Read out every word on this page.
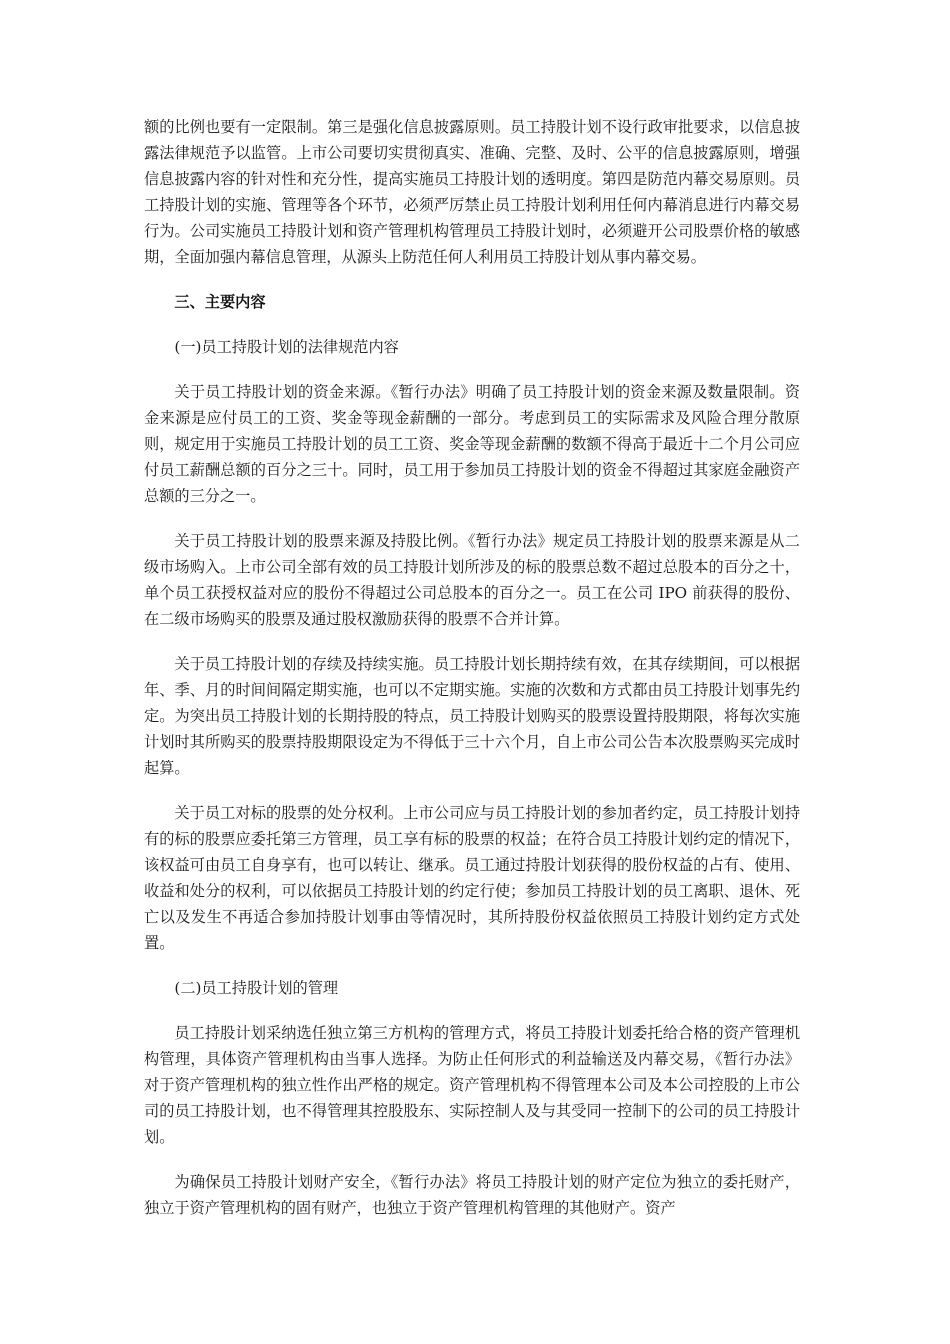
额的比例也要有一定限制。第三是强化信息披露原则。员工持股计划不设行政审批要求，以信息披露法律规范予以监管。上市公司要切实贯彻真实、准确、完整、及时、公平的信息披露原则，增强信息披露内容的针对性和充分性，提高实施员工持股计划的透明度。第四是防范内幕交易原则。员工持股计划的实施、管理等各个环节，必须严厉禁止员工持股计划利用任何内幕消息进行内幕交易行为。公司实施员工持股计划和资产管理机构管理员工持股计划时，必须避开公司股票价格的敏感期，全面加强内幕信息管理，从源头上防范任何人利用员工持股计划从事内幕交易。

三、主要内容

(一)员工持股计划的法律规范内容

关于员工持股计划的资金来源。《暂行办法》明确了员工持股计划的资金来源及数量限制。资金来源是应付员工的工资、奖金等现金薪酬的一部分。考虑到员工的实际需求及风险合理分散原则，规定用于实施员工持股计划的员工工资、奖金等现金薪酬的数额不得高于最近十二个月公司应付员工薪酬总额的百分之三十。同时，员工用于参加员工持股计划的资金不得超过其家庭金融资产总额的三分之一。

关于员工持股计划的股票来源及持股比例。《暂行办法》规定员工持股计划的股票来源是从二级市场购入。上市公司全部有效的员工持股计划所涉及的标的股票总数不超过总股本的百分之十，单个员工获授权益对应的股份不得超过公司总股本的百分之一。员工在公司 IPO 前获得的股份、在二级市场购买的股票及通过股权激励获得的股票不合并计算。

关于员工持股计划的存续及持续实施。员工持股计划长期持续有效，在其存续期间，可以根据年、季、月的时间间隔定期实施，也可以不定期实施。实施的次数和方式都由员工持股计划事先约定。为突出员工持股计划的长期持股的特点，员工持股计划购买的股票设置持股期限，将每次实施计划时其所购买的股票持股期限设定为不得低于三十六个月，自上市公司公告本次股票购买完成时起算。

关于员工对标的股票的处分权利。上市公司应与员工持股计划的参加者约定，员工持股计划持有的标的股票应委托第三方管理，员工享有标的股票的权益；在符合员工持股计划约定的情况下，该权益可由员工自身享有，也可以转让、继承。员工通过持股计划获得的股份权益的占有、使用、收益和处分的权利，可以依据员工持股计划的约定行使；参加员工持股计划的员工离职、退休、死亡以及发生不再适合参加持股计划事由等情况时，其所持股份权益依照员工持股计划约定方式处置。

(二)员工持股计划的管理

员工持股计划采纳选任独立第三方机构的管理方式，将员工持股计划委托给合格的资产管理机构管理，具体资产管理机构由当事人选择。为防止任何形式的利益输送及内幕交易，《暂行办法》对于资产管理机构的独立性作出严格的规定。资产管理机构不得管理本公司及本公司控股的上市公司的员工持股计划，也不得管理其控股股东、实际控制人及与其受同一控制下的公司的员工持股计划。

为确保员工持股计划财产安全，《暂行办法》将员工持股计划的财产定位为独立的委托财产，独立于资产管理机构的固有财产，也独立于资产管理机构管理的其他财产。资产
